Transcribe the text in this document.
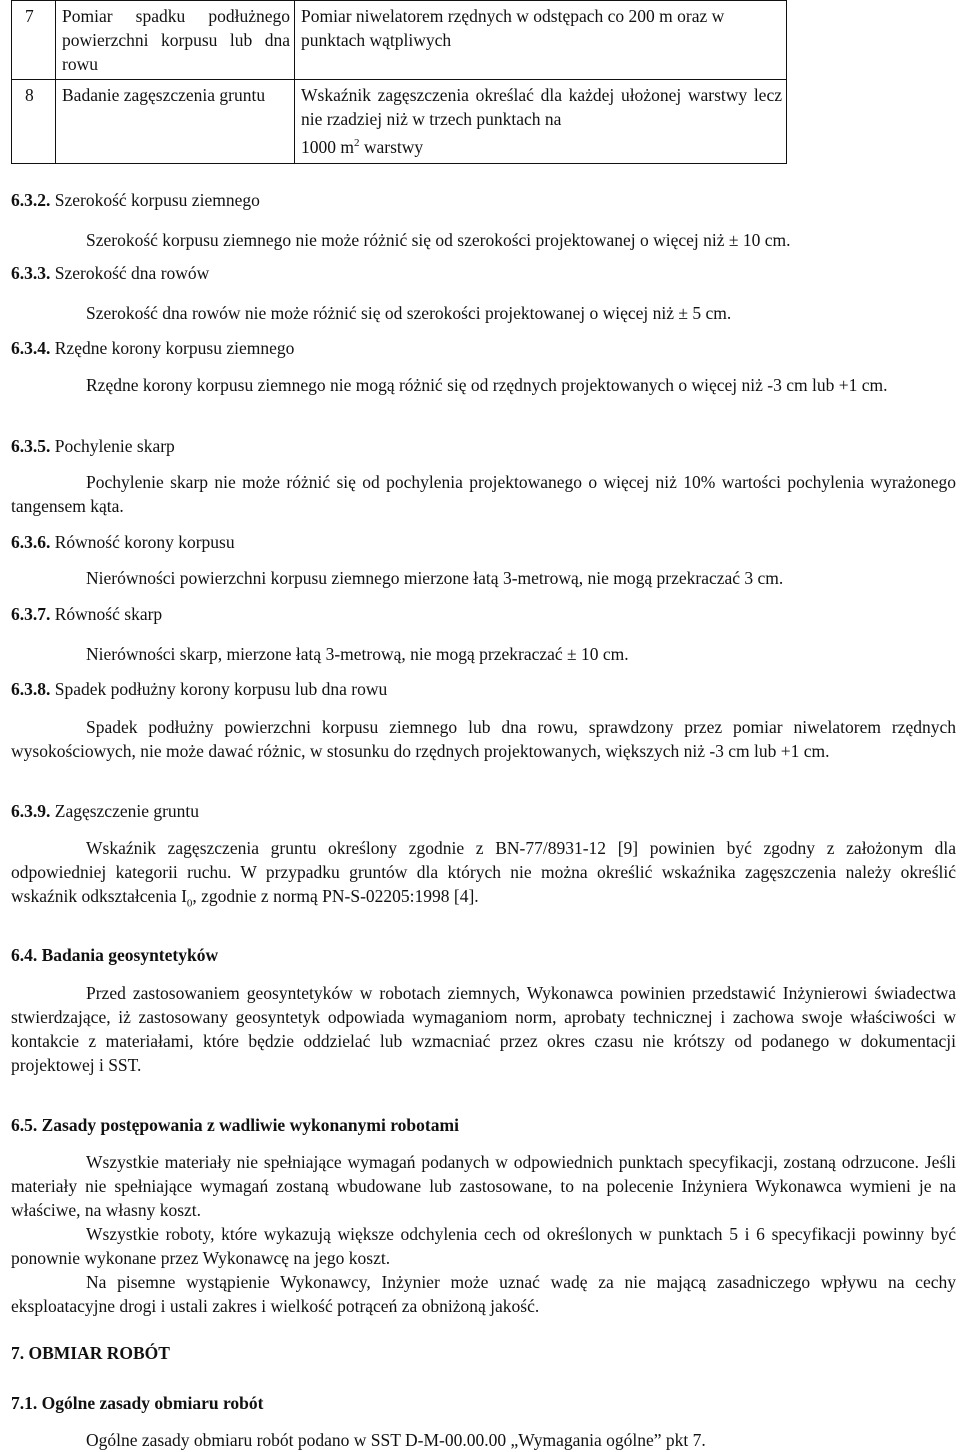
7	Pomiar spadku podłużnego powierzchni korpusu lub dna rowu	Pomiar niwelatorem rzędnych w odstępach co 200 m oraz w punktach wątpliwych
8	Badanie zagęszczenia gruntu	Wskaźnik zagęszczenia określać dla każdej ułożonej warstwy lecz nie rzadziej niż w trzech punktach na
1000 $m^2$ warstwy
6.3.2. Szerokość korpusu ziemnego
Szerokość korpusu ziemnego nie może różnić się od szerokości projektowanej o więcej niż ± 10 cm.
6.3.3. Szerokość dna rowów
Szerokość dna rowów nie może różnić się od szerokości projektowanej o więcej niż ± 5 cm.
6.3.4. Rzędne korony korpusu ziemnego
Rzędne korony korpusu ziemnego nie mogą różnić się od rzędnych projektowanych o więcej niż -3 cm lub +1 cm.
6.3.5. Pochylenie skarp
Pochylenie skarp nie może różnić się od pochylenia projektowanego o więcej niż 10% wartości pochylenia wyrażonego tangensem kąta.
6.3.6. Równość korony korpusu
Nierówności powierzchni korpusu ziemnego mierzone łatą 3-metrową, nie mogą przekraczać 3 cm.
6.3.7. Równość skarp
Nierówności skarp, mierzone łatą 3-metrową, nie mogą przekraczać ± 10 cm.
6.3.8. Spadek podłużny korony korpusu lub dna rowu
Spadek podłużny powierzchni korpusu ziemnego lub dna rowu, sprawdzony przez pomiar niwelatorem rzędnych wysokościowych, nie może dawać różnic, w stosunku do rzędnych projektowanych, większych niż -3 cm lub +1 cm.
6.3.9. Zagęszczenie gruntu
Wskaźnik zagęszczenia gruntu określony zgodnie z BN-77/8931-12 [9] powinien być zgodny z założonym dla odpowiedniej kategorii ruchu. W przypadku gruntów dla których nie można określić wskaźnika zagęszczenia należy określić wskaźnik odkształcenia $I_0$, zgodnie z normą PN-S-02205:1998 [4].
6.4. Badania geosyntetyków
Przed zastosowaniem geosyntetyków w robotach ziemnych, Wykonawca powinien przedstawić Inżynierowi świadectwa stwierdzające, iż zastosowany geosyntetyk odpowiada wymaganiom norm, aprobaty technicznej i zachowa swoje właściwości w kontakcie z materiałami, które będzie oddzielać lub wzmacniać przez okres czasu nie krótszy od podanego w dokumentacji projektowej i SST.
6.5. Zasady postępowania z wadliwie wykonanymi robotami
Wszystkie materiały nie spełniające wymagań podanych w odpowiednich punktach specyfikacji, zostaną odrzucone. Jeśli materiały nie spełniające wymagań zostaną wbudowane lub zastosowane, to na polecenie Inżyniera Wykonawca wymieni je na właściwe, na własny koszt.
Wszystkie roboty, które wykazują większe odchylenia cech od określonych w punktach 5 i 6 specyfikacji powinny być ponownie wykonane przez Wykonawcę na jego koszt.
Na pisemne wystąpienie Wykonawcy, Inżynier może uznać wadę za nie mającą zasadniczego wpływu na cechy eksploatacyjne drogi i ustali zakres i wielkość potrąceń za obniżoną jakość.
7. OBMIAR ROBÓT
7.1. Ogólne zasady obmiaru robót
Ogólne zasady obmiaru robót podano w SST D-M-00.00.00 „Wymagania ogólne” pkt 7.
